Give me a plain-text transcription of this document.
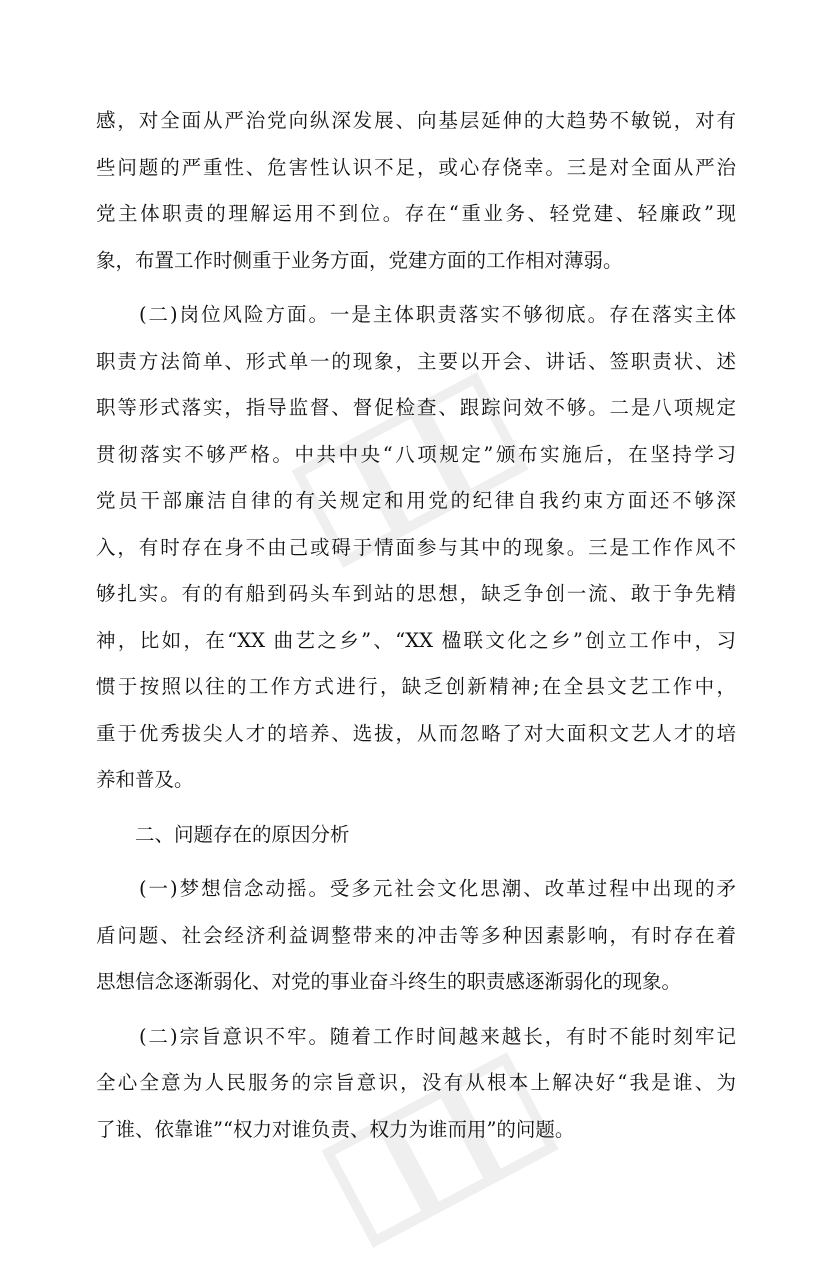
感，对全面从严治党向纵深发展、向基层延伸的大趋势不敏锐，对有
些问题的严重性、危害性认识不足，或心存侥幸。三是对全面从严治
党主体职责的理解运用不到位。存在“重业务、轻党建、轻廉政”现
象，布置工作时侧重于业务方面，党建方面的工作相对薄弱。
　　(二)岗位风险方面。一是主体职责落实不够彻底。存在落实主体
职责方法简单、形式单一的现象，主要以开会、讲话、签职责状、述
职等形式落实，指导监督、督促检查、跟踪问效不够。二是八项规定
贯彻落实不够严格。中共中央“八项规定”颁布实施后，在坚持学习
党员干部廉洁自律的有关规定和用党的纪律自我约束方面还不够深
入，有时存在身不由己或碍于情面参与其中的现象。三是工作作风不
够扎实。有的有船到码头车到站的思想，缺乏争创一流、敢于争先精
神，比如，在“XX 曲艺之乡”、“XX 楹联文化之乡”创立工作中，习
惯于按照以往的工作方式进行，缺乏创新精神;在全县文艺工作中，
重于优秀拔尖人才的培养、选拔，从而忽略了对大面积文艺人才的培
养和普及。
　　二、问题存在的原因分析
　　(一)梦想信念动摇。受多元社会文化思潮、改革过程中出现的矛
盾问题、社会经济利益调整带来的冲击等多种因素影响，有时存在着
思想信念逐渐弱化、对党的事业奋斗终生的职责感逐渐弱化的现象。
　　(二)宗旨意识不牢。随着工作时间越来越长，有时不能时刻牢记
全心全意为人民服务的宗旨意识，没有从根本上解决好“我是谁、为
了谁、依靠谁”“权力对谁负责、权力为谁而用”的问题。
